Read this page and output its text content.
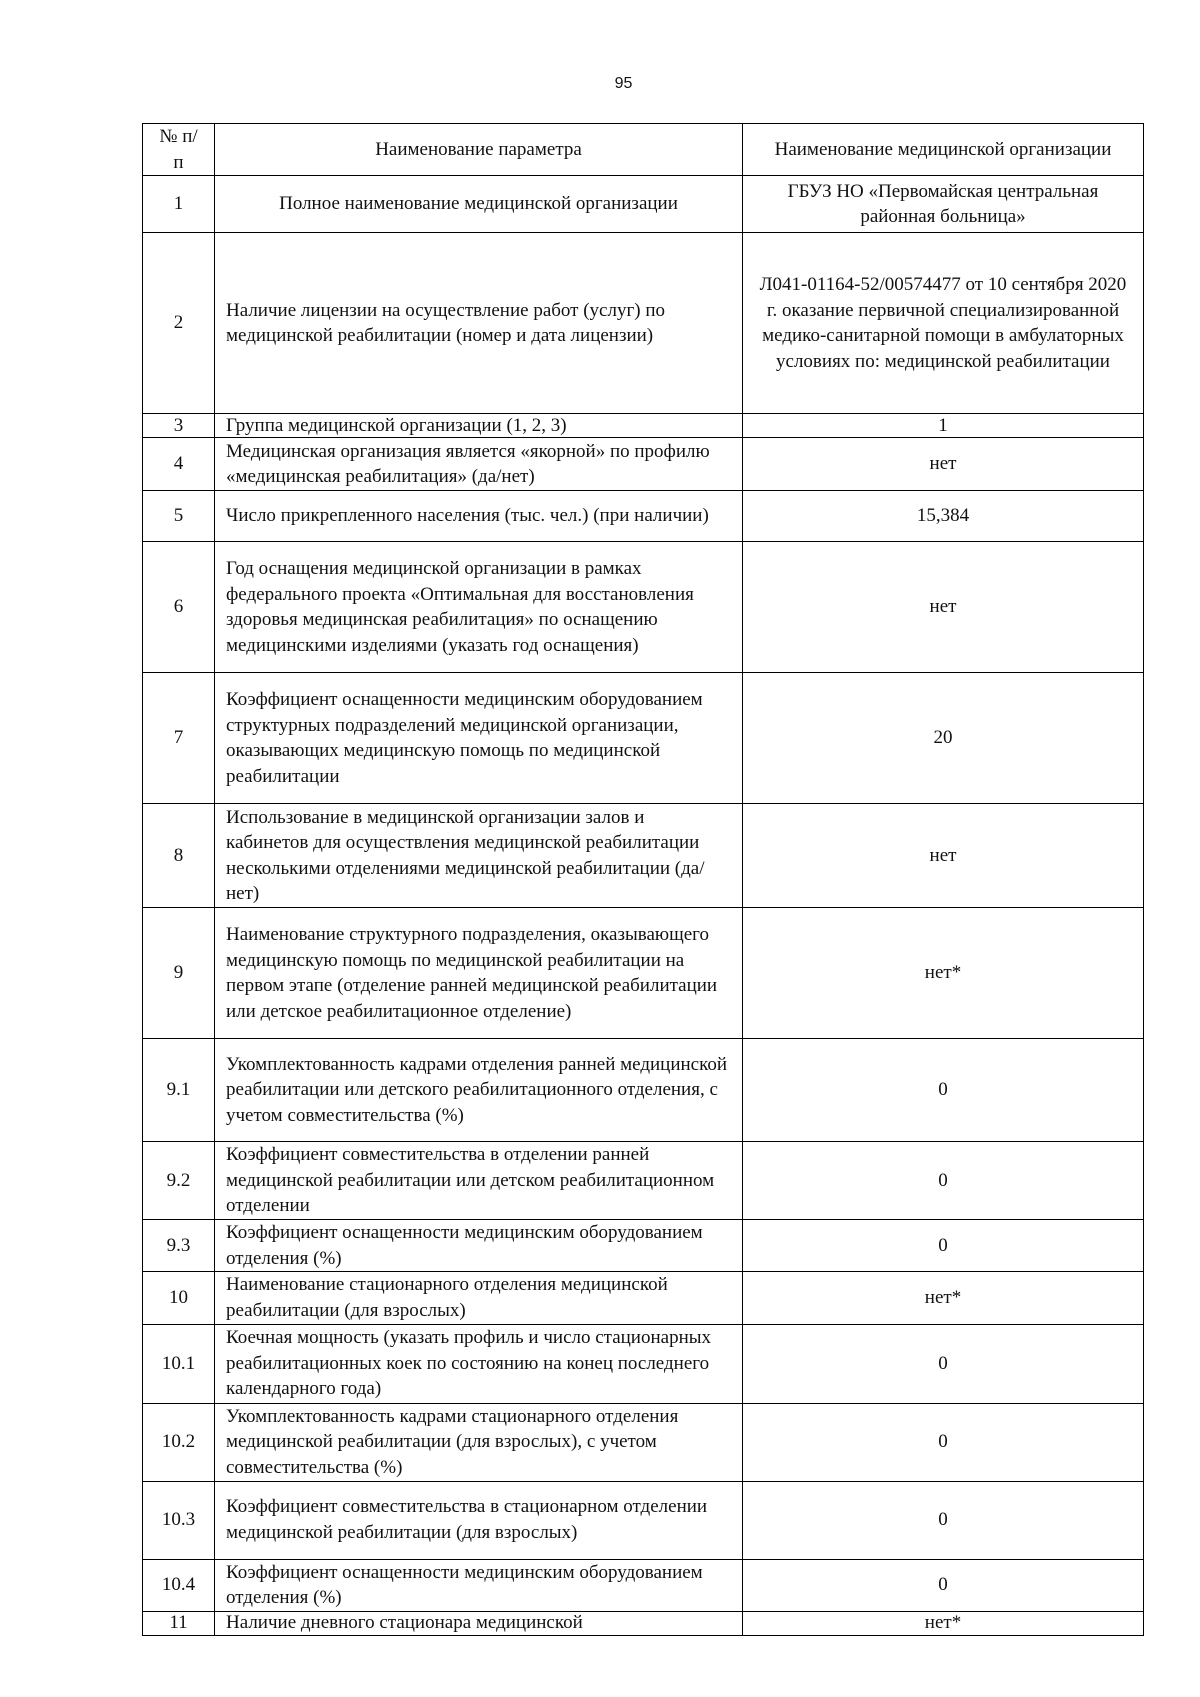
95
№ п/п	Наименование параметра	Наименование медицинской организации
1	Полное наименование медицинской организации	ГБУЗ НО «Первомайская центральная районная больница»
2	Наличие лицензии на осуществление работ (услуг) по медицинской реабилитации (номер и дата лицензии)	Л041-01164-52/00574477 от 10 сентября 2020 г. оказание первичной специализированной медико-санитарной помощи в амбулаторных условиях по: медицинской реабилитации
3	Группа медицинской организации (1, 2, 3)	1
4	Медицинская организация является «якорной» по профилю «медицинская реабилитация» (да/нет)	нет
5	Число прикрепленного населения (тыс. чел.) (при наличии)	15,384
6	Год оснащения медицинской организации в рамках федерального проекта «Оптимальная для восстановления здоровья медицинская реабилитация» по оснащению медицинскими изделиями (указать год оснащения)	нет
7	Коэффициент оснащенности медицинским оборудованием структурных подразделений медицинской организации, оказывающих медицинскую помощь по медицинской реабилитации	20
8	Использование в медицинской организации залов и кабинетов для осуществления медицинской реабилитации несколькими отделениями медицинской реабилитации (да/нет)	нет
9	Наименование структурного подразделения, оказывающего медицинскую помощь по медицинской реабилитации на первом этапе (отделение ранней медицинской реабилитации или детское реабилитационное отделение)	нет*
9.1	Укомплектованность кадрами отделения ранней медицинской реабилитации или детского реабилитационного отделения, с учетом совместительства (%)	0
9.2	Коэффициент совместительства в отделении ранней медицинской реабилитации или детском реабилитационном отделении	0
9.3	Коэффициент оснащенности медицинским оборудованием отделения (%)	0
10	Наименование стационарного отделения медицинской реабилитации (для взрослых)	нет*
10.1	Коечная мощность (указать профиль и число стационарных реабилитационных коек по состоянию на конец последнего календарного года)	0
10.2	Укомплектованность кадрами стационарного отделения медицинской реабилитации (для взрослых), с учетом совместительства (%)	0
10.3	Коэффициент совместительства в стационарном отделении медицинской реабилитации (для взрослых)	0
10.4	Коэффициент оснащенности медицинским оборудованием отделения (%)	0
11	Наличие дневного стационара медицинской	нет*
